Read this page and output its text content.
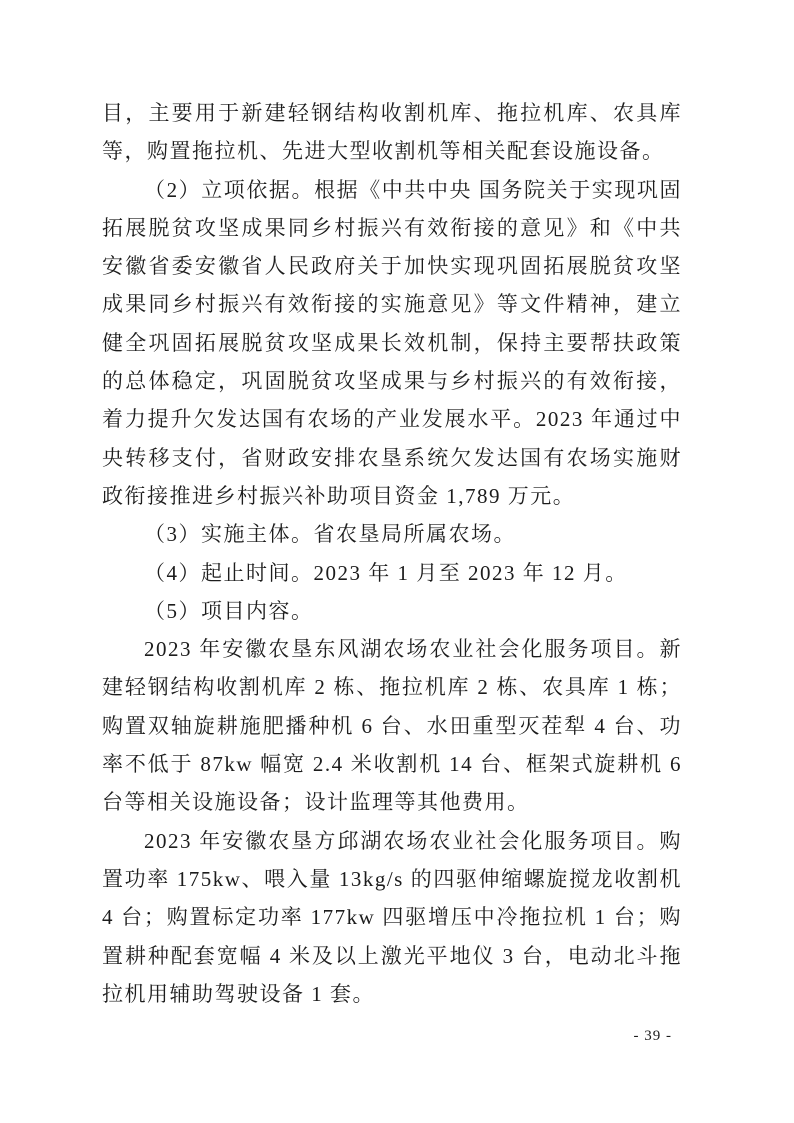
目，主要用于新建轻钢结构收割机库、拖拉机库、农具库等，购置拖拉机、先进大型收割机等相关配套设施设备。

（2）立项依据。根据《中共中央 国务院关于实现巩固拓展脱贫攻坚成果同乡村振兴有效衔接的意见》和《中共安徽省委安徽省人民政府关于加快实现巩固拓展脱贫攻坚成果同乡村振兴有效衔接的实施意见》等文件精神，建立健全巩固拓展脱贫攻坚成果长效机制，保持主要帮扶政策的总体稳定，巩固脱贫攻坚成果与乡村振兴的有效衔接，着力提升欠发达国有农场的产业发展水平。2023 年通过中央转移支付，省财政安排农垦系统欠发达国有农场实施财政衔接推进乡村振兴补助项目资金 1,789 万元。

（3）实施主体。省农垦局所属农场。

（4）起止时间。2023 年 1 月至 2023 年 12 月。

（5）项目内容。

2023 年安徽农垦东风湖农场农业社会化服务项目。新建轻钢结构收割机库 2 栋、拖拉机库 2 栋、农具库 1 栋；购置双轴旋耕施肥播种机 6 台、水田重型灭茬犁 4 台、功率不低于 87kw 幅宽 2.4 米收割机 14 台、框架式旋耕机 6 台等相关设施设备；设计监理等其他费用。

2023 年安徽农垦方邱湖农场农业社会化服务项目。购置功率 175kw、喂入量 13kg/s 的四驱伸缩螺旋搅龙收割机 4 台；购置标定功率 177kw 四驱增压中冷拖拉机 1 台；购置耕种配套宽幅 4 米及以上激光平地仪 3 台，电动北斗拖拉机用辅助驾驶设备 1 套。

- 39 -
